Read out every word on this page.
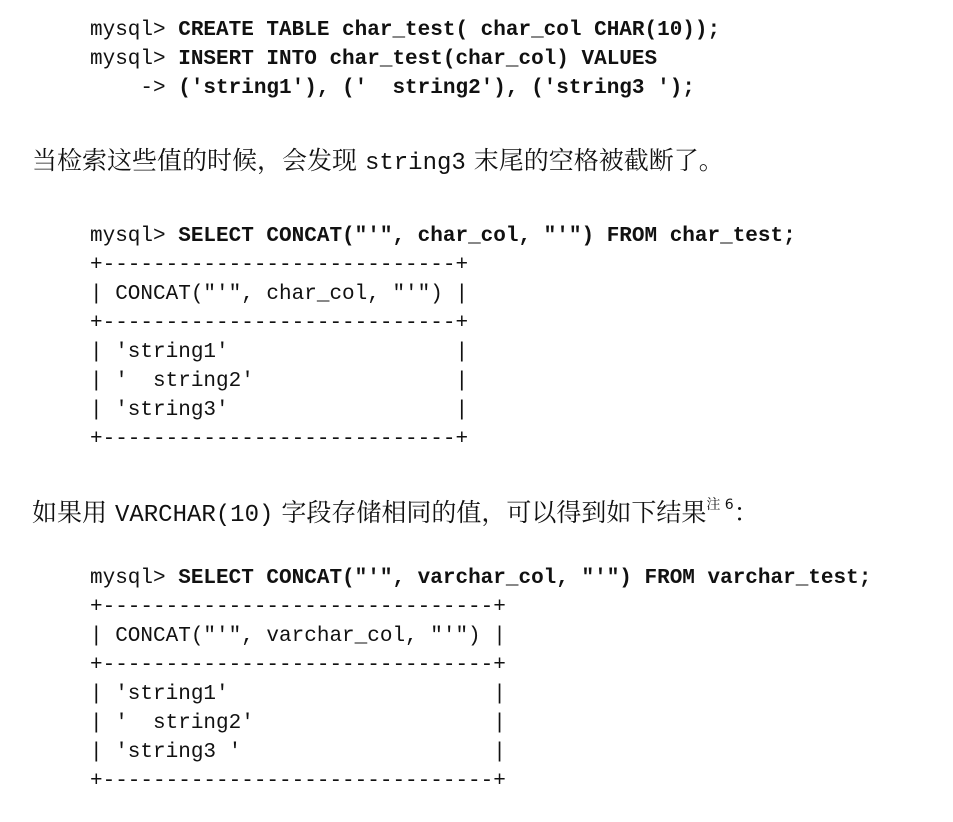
mysql> CREATE TABLE char_test( char_col CHAR(10));
mysql> INSERT INTO char_test(char_col) VALUES
-> ('string1'), ('  string2'), ('string3 ');

当检索这些值的时候，会发现 string3 末尾的空格被截断了。

mysql> SELECT CONCAT("'", char_col, "'") FROM char_test;
+----------------------------+
| CONCAT("'", char_col, "'") |
+----------------------------+
| 'string1'                  |
| '  string2'                |
| 'string3'                  |
+----------------------------+

如果用 VARCHAR(10) 字段存储相同的值，可以得到如下结果$^{注 6}$：

mysql> SELECT CONCAT("'", varchar_col, "'") FROM varchar_test;
+-------------------------------+
| CONCAT("'", varchar_col, "'") |
+-------------------------------+
| 'string1'                     |
| '  string2'                   |
| 'string3 '                    |
+-------------------------------+
